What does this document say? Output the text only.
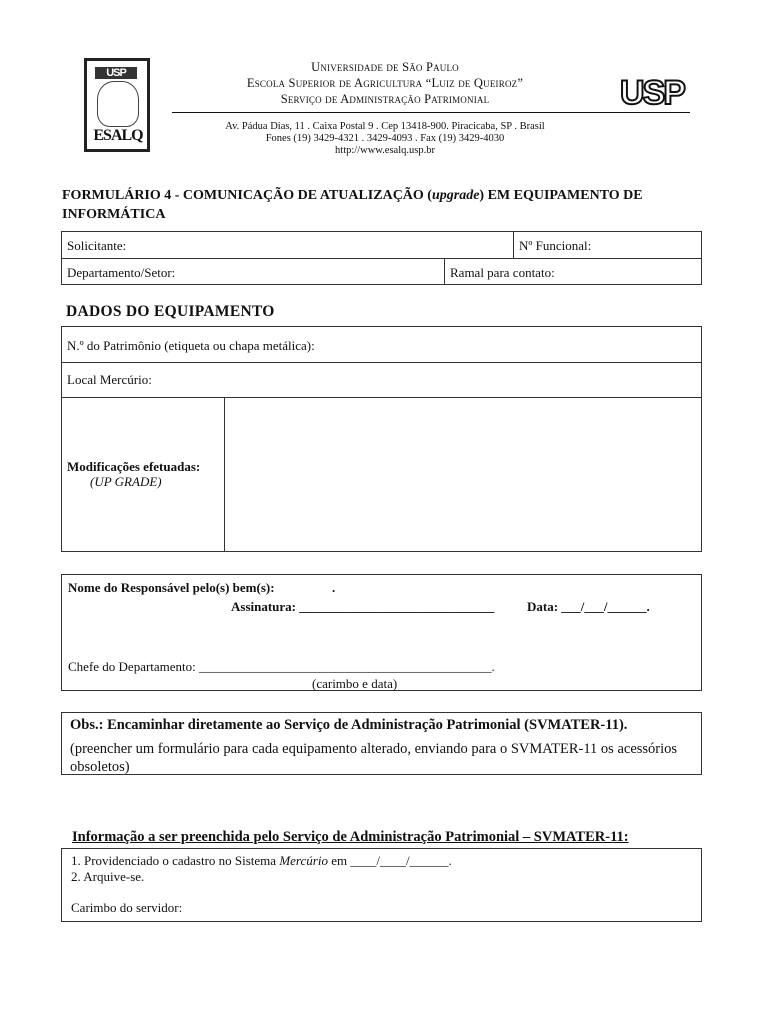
USP
ESALQ
Universidade de São Paulo
Escola Superior de Agricultura “Luiz de Queiroz”
Serviço de Administração Patrimonial	USP
Av. Pádua Dias, 11 . Caixa Postal 9 . Cep 13418-900. Piracicaba, SP . Brasil
Fones (19) 3429-4321 . 3429-4093 . Fax (19) 3429-4030
http://www.esalq.usp.br
FORMULÁRIO 4 - COMUNICAÇÃO DE ATUALIZAÇÃO (upgrade) EM EQUIPAMENTO DE INFORMÁTICA
Solicitante:	Nº Funcional:
Departamento/Setor:	Ramal para contato:
DADOS DO EQUIPAMENTO
N.º do Patrimônio (etiqueta ou chapa metálica):
Local Mercúrio:
Modificações efetuadas:
(UP GRADE)
Nome do Responsável pelo(s) bem(s):	.
Assinatura: ______________________________	Data: ___/___/______.
Chefe do Departamento: _____________________________________________.
(carimbo e data)
Obs.: Encaminhar diretamente ao Serviço de Administração Patrimonial (SVMATER-11).
(preencher um formulário para cada equipamento alterado, enviando para o SVMATER-11 os acessórios obsoletos)
Informação a ser preenchida pelo Serviço de Administração Patrimonial – SVMATER-11:
1. Providenciado o cadastro no Sistema Mercúrio em ____/____/______.
2. Arquive-se.
Carimbo do servidor:
